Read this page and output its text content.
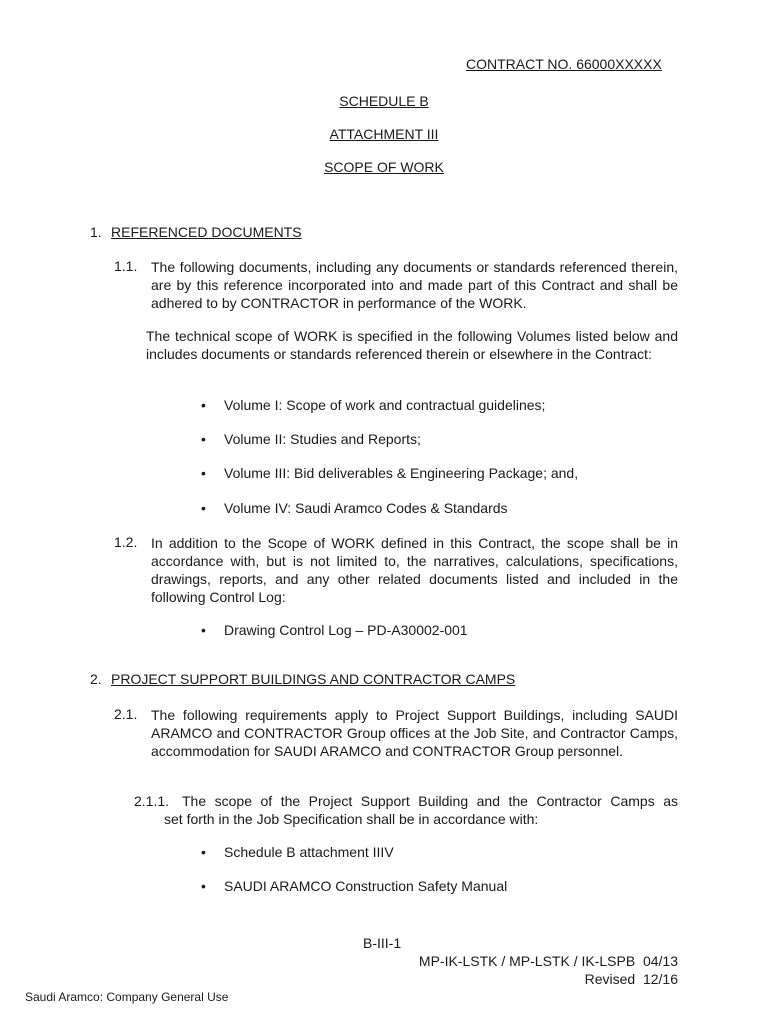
CONTRACT NO. 66000XXXXX
SCHEDULE B
ATTACHMENT III
SCOPE OF WORK
1. REFERENCED DOCUMENTS
1.1. The following documents, including any documents or standards referenced therein, are by this reference incorporated into and made part of this Contract and shall be adhered to by CONTRACTOR in performance of the WORK.
The technical scope of WORK is specified in the following Volumes listed below and includes documents or standards referenced therein or elsewhere in the Contract:
• Volume I: Scope of work and contractual guidelines;
• Volume II: Studies and Reports;
• Volume III: Bid deliverables & Engineering Package; and,
• Volume IV: Saudi Aramco Codes & Standards
1.2. In addition to the Scope of WORK defined in this Contract, the scope shall be in accordance with, but is not limited to, the narratives, calculations, specifications, drawings, reports, and any other related documents listed and included in the following Control Log:
• Drawing Control Log – PD-A30002-001
2. PROJECT SUPPORT BUILDINGS AND CONTRACTOR CAMPS
2.1. The following requirements apply to Project Support Buildings, including SAUDI ARAMCO and CONTRACTOR Group offices at the Job Site, and Contractor Camps, accommodation for SAUDI ARAMCO and CONTRACTOR Group personnel.
2.1.1. The scope of the Project Support Building and the Contractor Camps as
set forth in the Job Specification shall be in accordance with:
• Schedule B attachment IIIV
• SAUDI ARAMCO Construction Safety Manual
B-III-1
MP-IK-LSTK / MP-LSTK / IK-LSPB  04/13
Revised  12/16
Saudi Aramco: Company General Use
